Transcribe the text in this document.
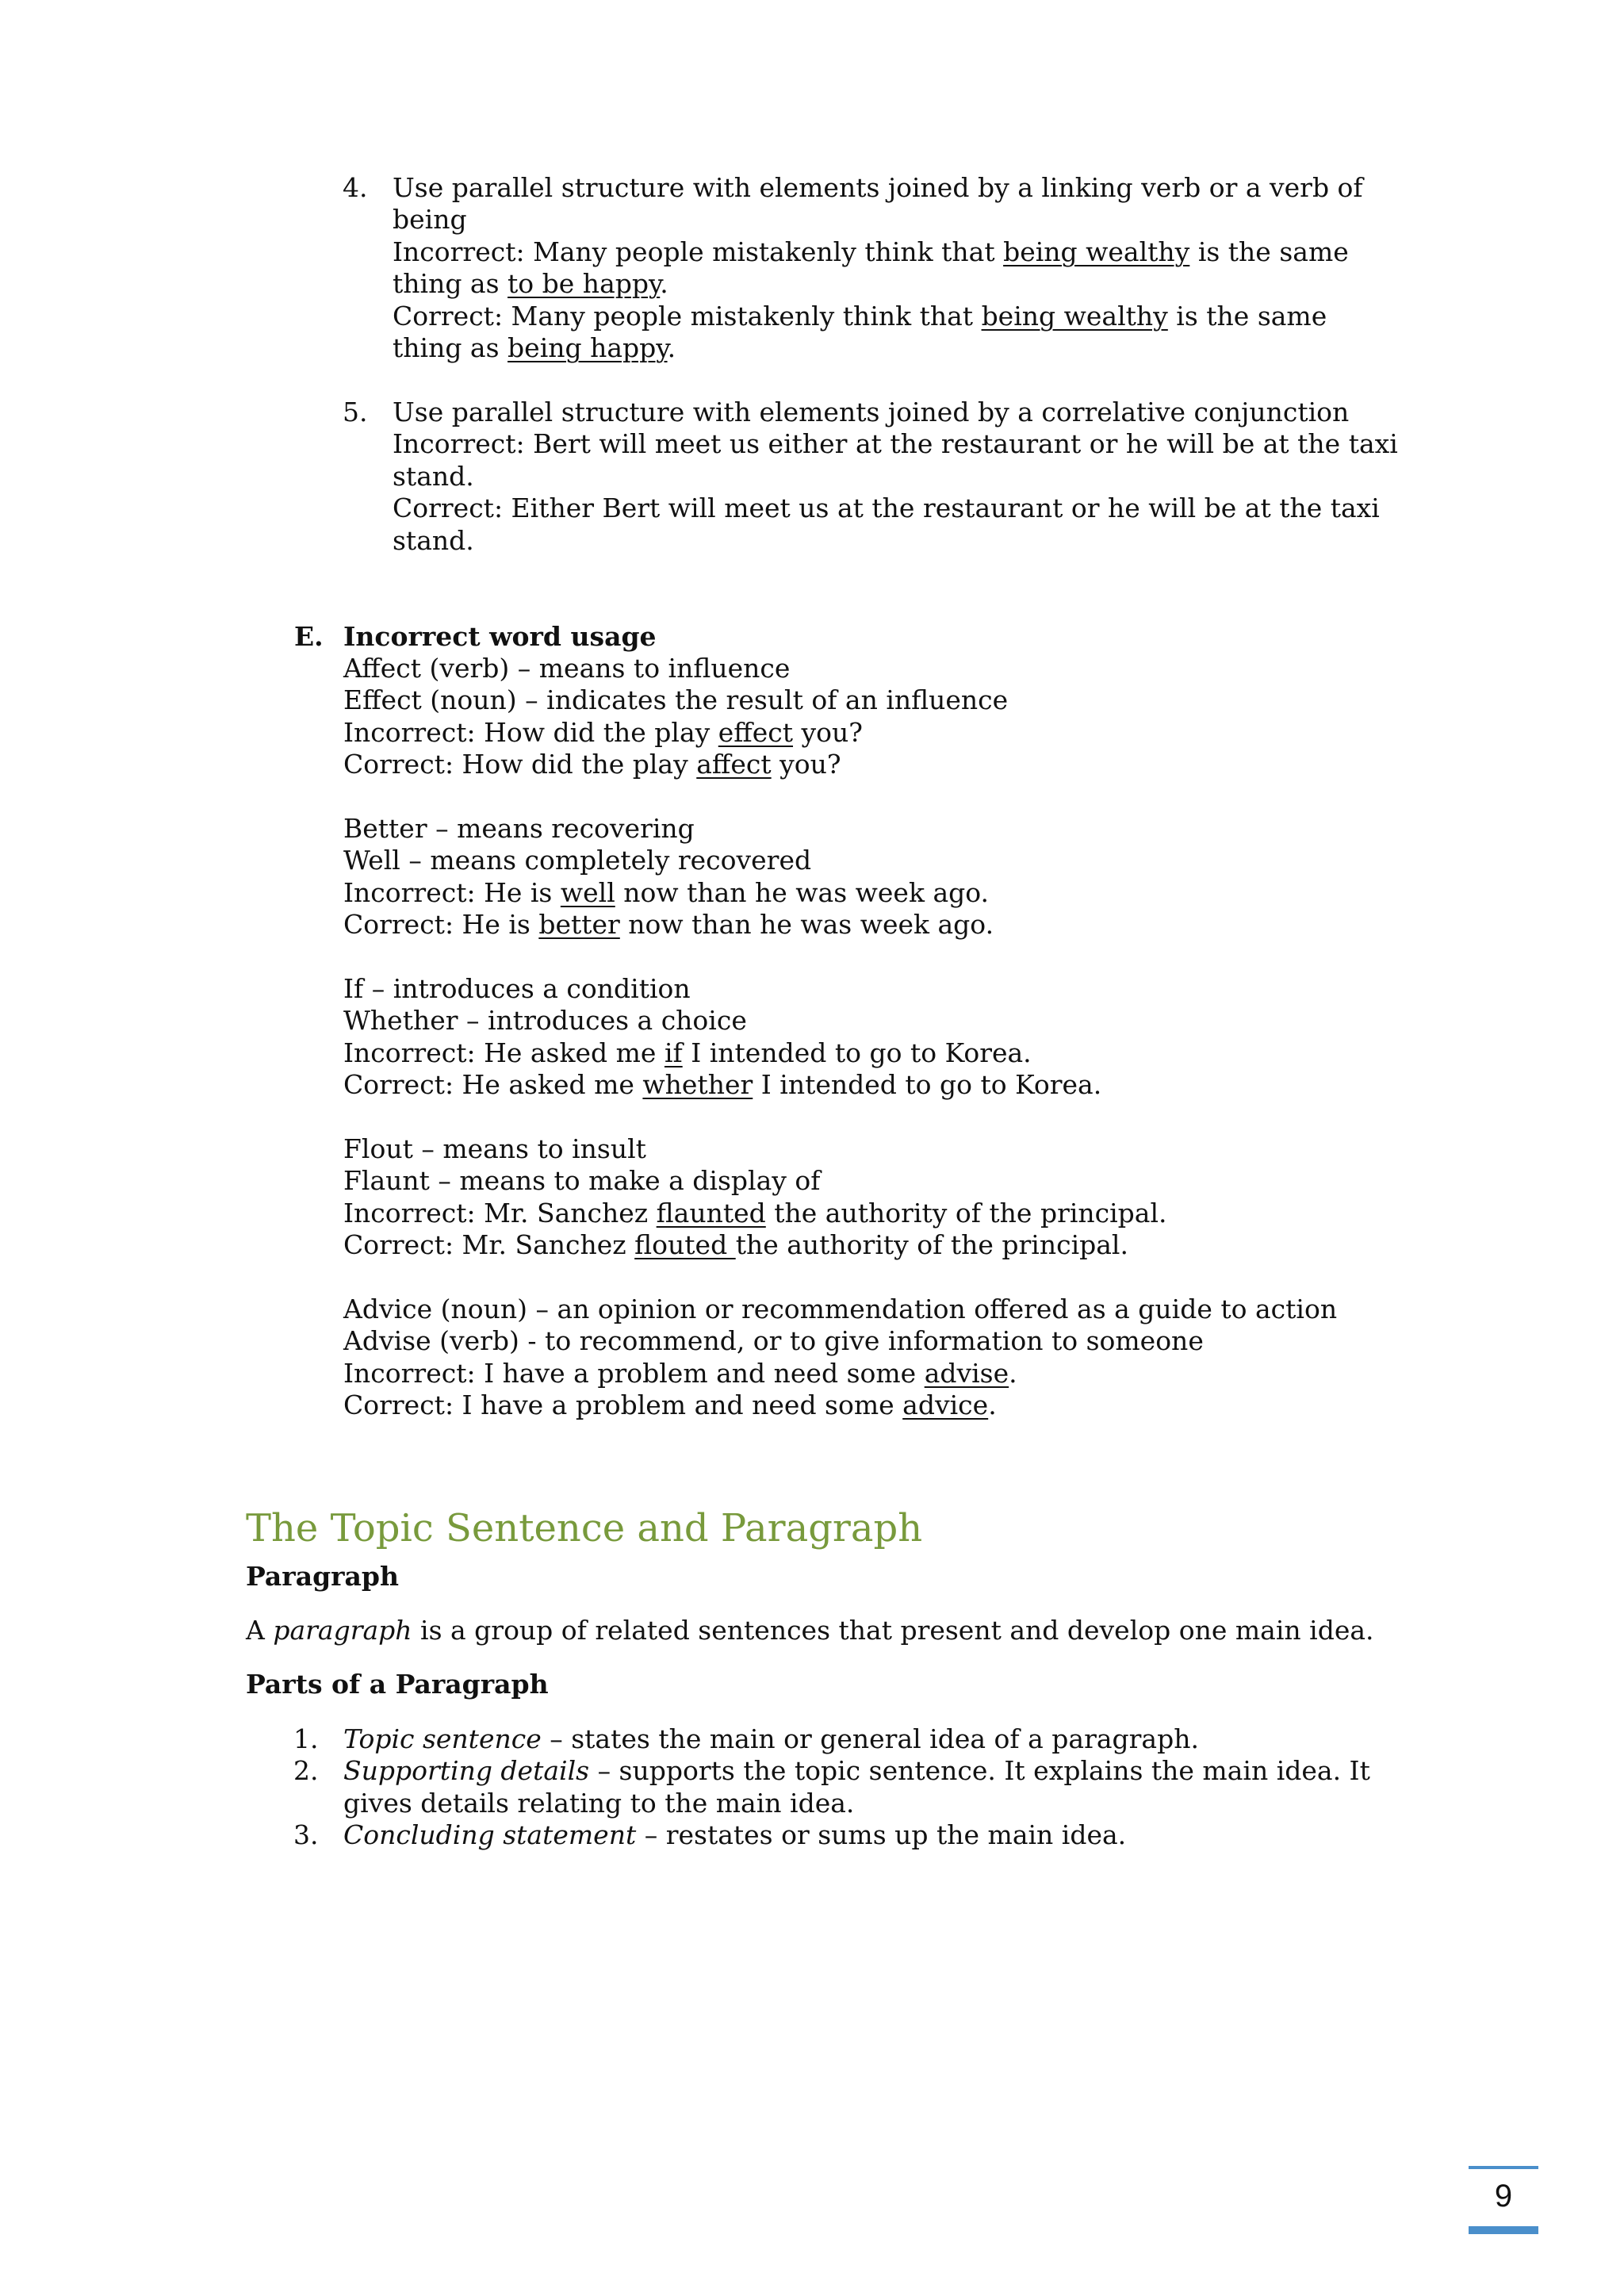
4. Use parallel structure with elements joined by a linking verb or a verb of being

Incorrect: Many people mistakenly think that being wealthy is the same thing as to be happy.

Correct: Many people mistakenly think that being wealthy is the same thing as being happy.

5. Use parallel structure with elements joined by a correlative conjunction

Incorrect: Bert will meet us either at the restaurant or he will be at the taxi stand.

Correct: Either Bert will meet us at the restaurant or he will be at the taxi stand.

E. Incorrect word usage

Affect (verb) – means to influence

Effect (noun) – indicates the result of an influence

Incorrect: How did the play effect you?

Correct: How did the play affect you?

Better – means recovering

Well – means completely recovered

Incorrect: He is well now than he was week ago.

Correct: He is better now than he was week ago.

If – introduces a condition

Whether – introduces a choice

Incorrect: He asked me if I intended to go to Korea.

Correct: He asked me whether I intended to go to Korea.

Flout – means to insult

Flaunt – means to make a display of

Incorrect: Mr. Sanchez flaunted the authority of the principal.

Correct: Mr. Sanchez flouted the authority of the principal.

Advice (noun) – an opinion or recommendation offered as a guide to action

Advise (verb) - to recommend, or to give information to someone

Incorrect: I have a problem and need some advise.

Correct: I have a problem and need some advice.

The Topic Sentence and Paragraph
Paragraph

A paragraph is a group of related sentences that present and develop one main idea.

Parts of a Paragraph
1. Topic sentence – states the main or general idea of a paragraph.

2. Supporting details – supports the topic sentence. It explains the main idea. It gives details relating to the main idea.

3. Concluding statement – restates or sums up the main idea.

9
